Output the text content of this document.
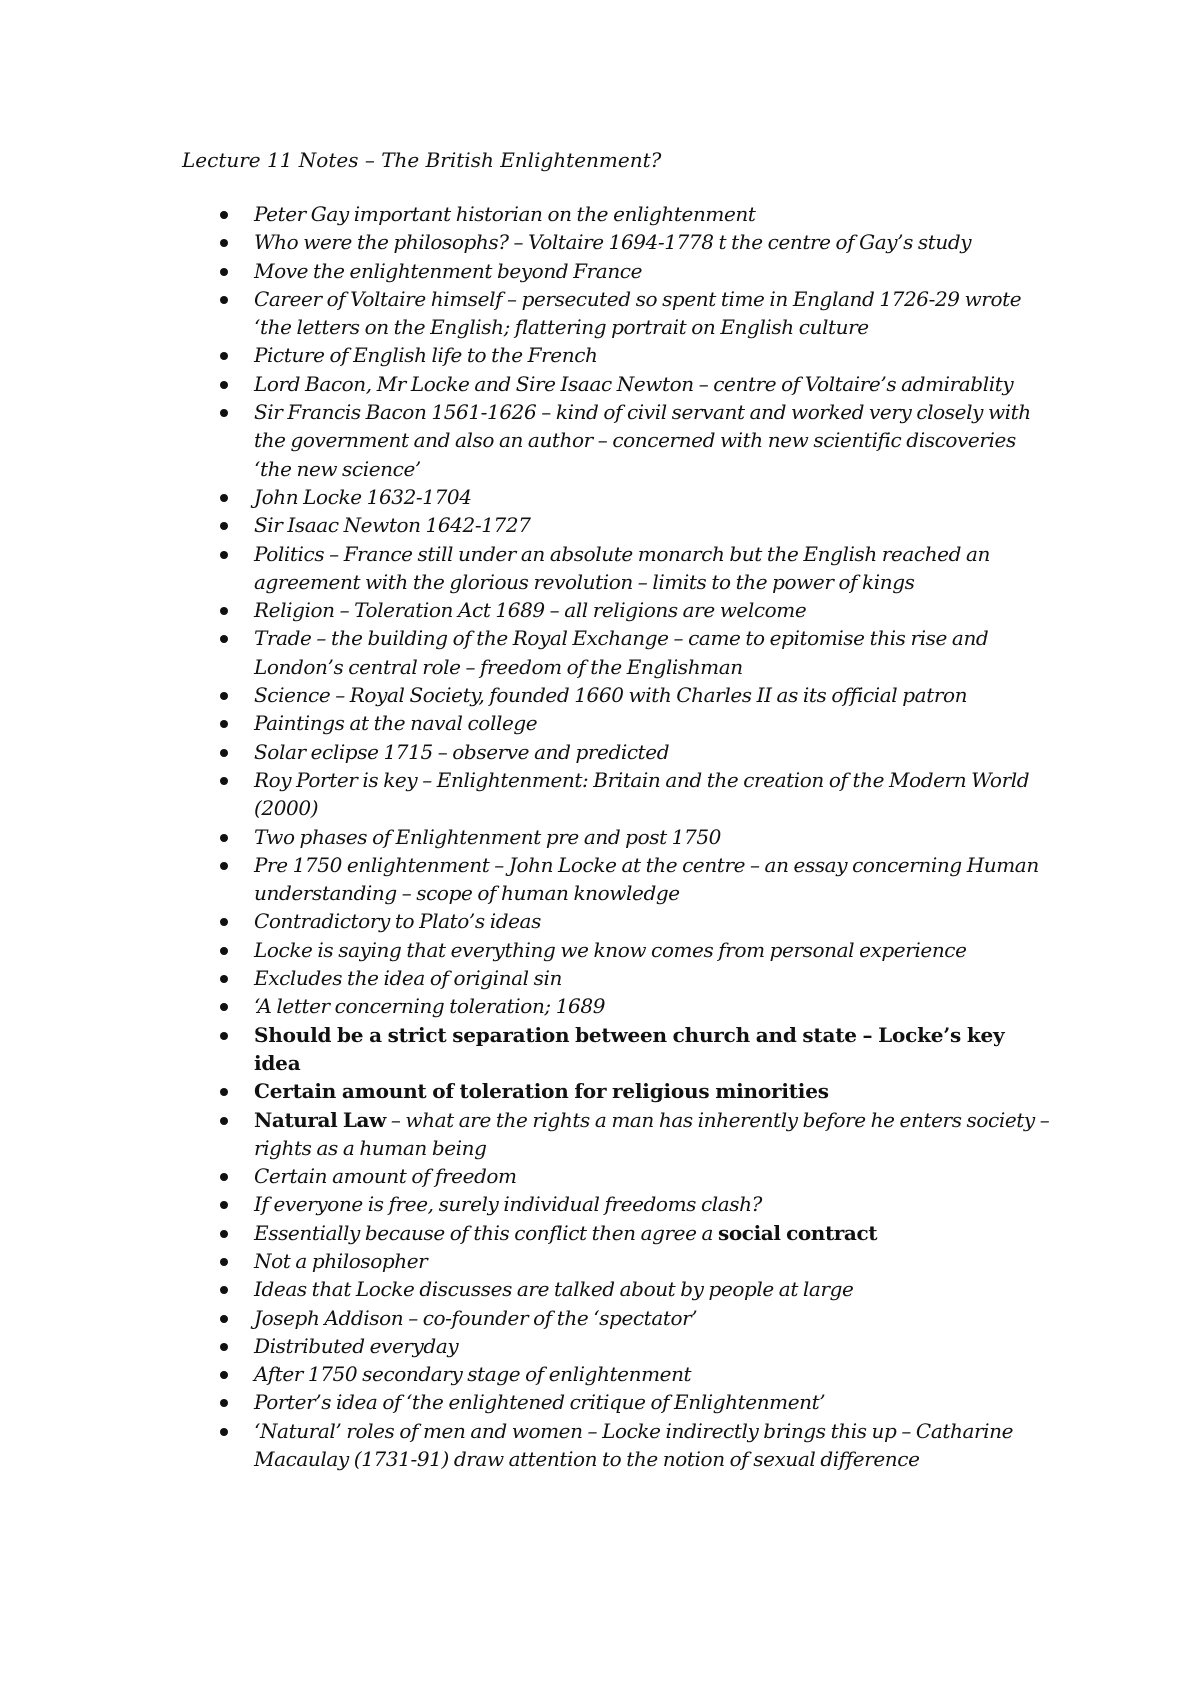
Lecture 11 Notes – The British Enlightenment?
Peter Gay important historian on the enlightenment
Who were the philosophs? – Voltaire 1694-1778 t the centre of Gay’s study
Move the enlightenment beyond France
Career of Voltaire himself – persecuted so spent time in England 1726-29 wrote ‘the letters on the English; flattering portrait on English culture
Picture of English life to the French
Lord Bacon, Mr Locke and Sire Isaac Newton – centre of Voltaire’s admirablity
Sir Francis Bacon 1561-1626 – kind of civil servant and worked very closely with the government and also an author – concerned with new scientific discoveries ‘the new science’
John Locke 1632-1704
Sir Isaac Newton 1642-1727
Politics – France still under an absolute monarch but the English reached an agreement with the glorious revolution – limits to the power of kings
Religion – Toleration Act 1689 – all religions are welcome
Trade – the building of the Royal Exchange – came to epitomise this rise and London’s central role – freedom of the Englishman
Science – Royal Society, founded 1660 with Charles II as its official patron
Paintings at the naval college
Solar eclipse 1715 – observe and predicted
Roy Porter is key – Enlightenment: Britain and the creation of the Modern World (2000)
Two phases of Enlightenment pre and post 1750
Pre 1750 enlightenment – John Locke at the centre – an essay concerning Human understanding – scope of human knowledge
Contradictory to Plato’s ideas
Locke is saying that everything we know comes from personal experience
Excludes the idea of original sin
‘A letter concerning toleration; 1689
Should be a strict separation between church and state – Locke’s key idea
Certain amount of toleration for religious minorities
Natural Law – what are the rights a man has inherently before he enters society – rights as a human being
Certain amount of freedom
If everyone is free, surely individual freedoms clash?
Essentially because of this conflict then agree a social contract
Not a philosopher
Ideas that Locke discusses are talked about by people at large
Joseph Addison – co-founder of the ‘spectator’
Distributed everyday
After 1750 secondary stage of enlightenment
Porter’s idea of ‘the enlightened critique of Enlightenment’
‘Natural’ roles of men and women – Locke indirectly brings this up – Catharine Macaulay (1731-91) draw attention to the notion of sexual difference
